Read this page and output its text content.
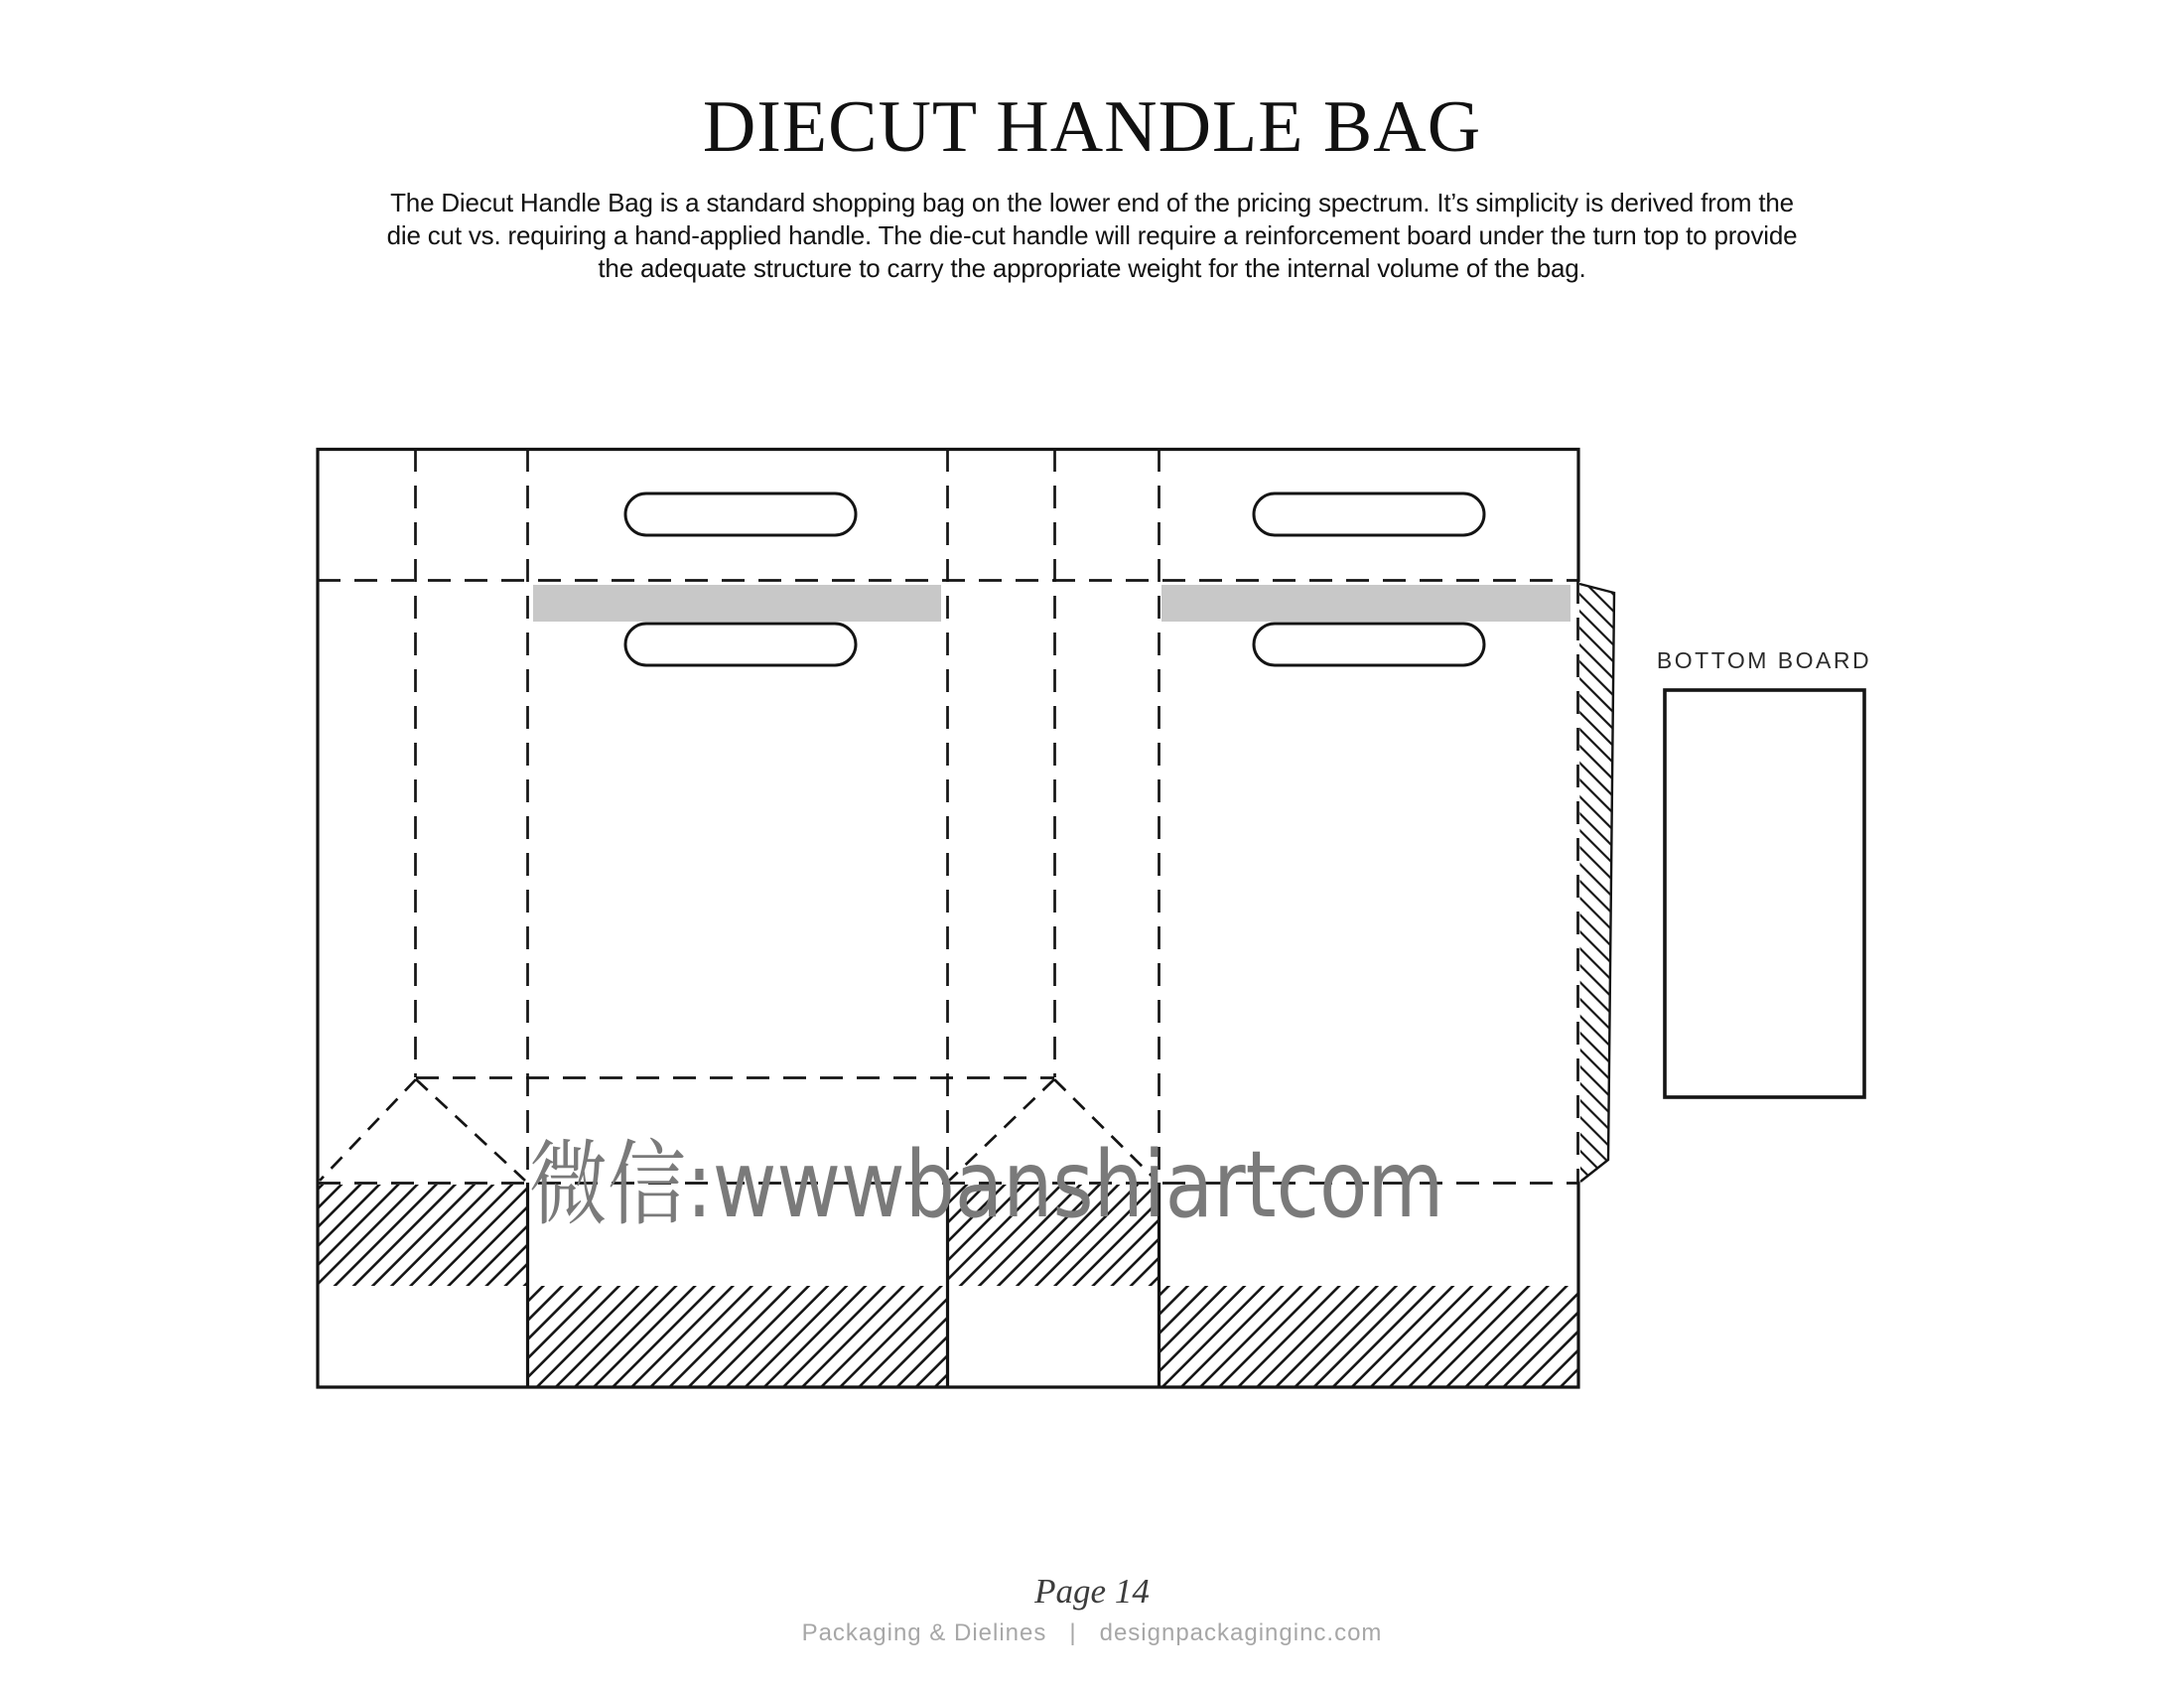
DIECUT HANDLE BAG
The Diecut Handle Bag is a standard shopping bag on the lower end of the pricing spectrum. It’s simplicity is derived from the
die cut vs. requiring a hand-applied handle. The die-cut handle will require a reinforcement board under the turn top to provide
the adequate structure to carry the appropriate weight for the internal volume of the bag.
BOTTOM BOARD
微信:wwwbanshiartcom
Page 14
Packaging & Dielines   |   designpackaginginc.com
